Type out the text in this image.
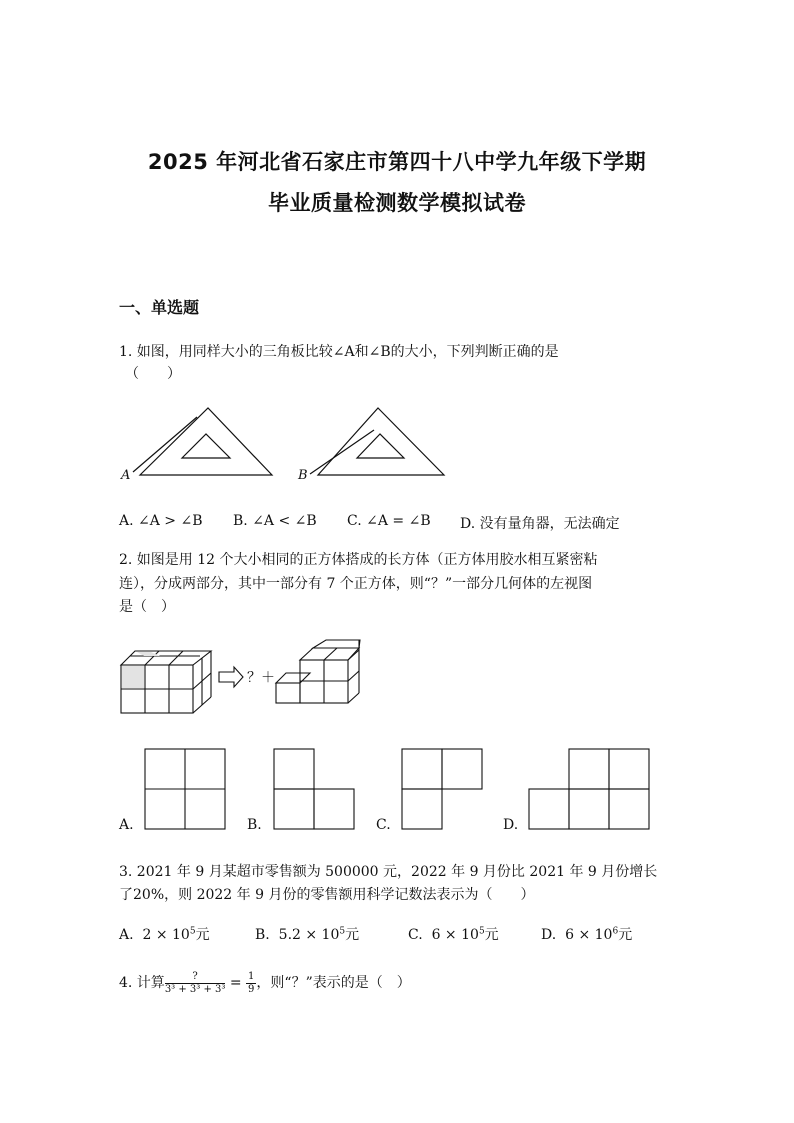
2025 年河北省石家庄市第四十八中学九年级下学期
毕业质量检测数学模拟试卷
一、单选题
1. 如图，用同样大小的三角板比较∠A和∠B的大小，下列判断正确的是
（　　）
A	B
A. ∠A > ∠B B. ∠A < ∠B C. ∠A = ∠B D. 没有量角器，无法确定
2. 如图是用 12 个大小相同的正方体搭成的长方体（正方体用胶水相互紧密粘
连），分成两部分，其中一部分有 7 个正方体，则“？”一部分几何体的左视图
是（　）
？＋
A.	B.	C.	D.
3. 2021 年 9 月某超市零售额为 500000 元，2022 年 9 月份比 2021 年 9 月份增长
了20%，则 2022 年 9 月份的零售额用科学记数法表示为（　　）
A. $2 \times 10^5$元	B. $5.2 \times 10^5$元	C. $6 \times 10^5$元	D. $6 \times 10^6$元
4. 计算 $\frac{?}{\text{3³ + 3³ + 3³}} = \frac{1}{9}$ ，则“？”表示的是（　）
